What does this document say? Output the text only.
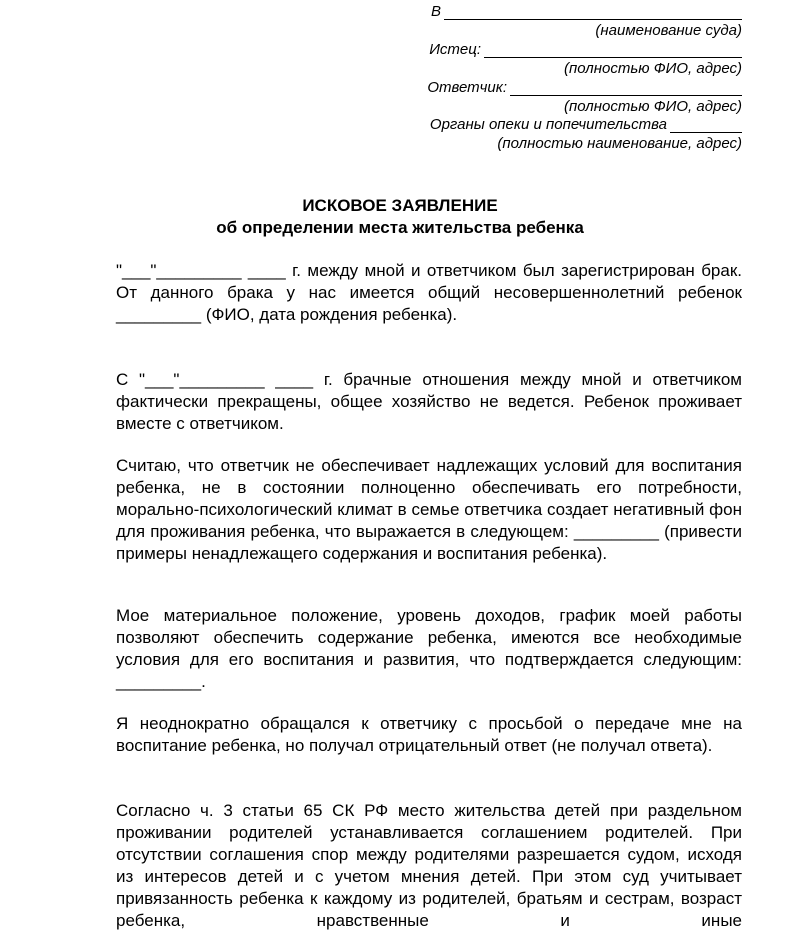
В
(наименование суда)
Истец:
(полностью ФИО, адрес)
Ответчик:
(полностью ФИО, адрес)
Органы опеки и попечительства
(полностью наименование, адрес)
ИСКОВОЕ ЗАЯВЛЕНИЕ
об определении места жительства ребенка
"___"_________ ____ г. между мной и ответчиком был зарегистрирован брак. От данного брака у нас имеется общий несовершеннолетний ребенок _________ (ФИО, дата рождения ребенка).
С "___"_________ ____ г. брачные отношения между мной и ответчиком фактически прекращены, общее хозяйство не ведется. Ребенок проживает вместе с ответчиком.
Считаю, что ответчик не обеспечивает надлежащих условий для воспитания ребенка, не в состоянии полноценно обеспечивать его потребности, морально-психологический климат в семье ответчика создает негативный фон для проживания ребенка, что выражается в следующем: _________ (привести примеры ненадлежащего содержания и воспитания ребенка).
Мое материальное положение, уровень доходов, график моей работы позволяют обеспечить содержание ребенка, имеются все необходимые условия для его воспитания и развития, что подтверждается следующим: _________.
Я неоднократно обращался к ответчику с просьбой о передаче мне на воспитание ребенка, но получал отрицательный ответ (не получал ответа).
Согласно ч. 3 статьи 65 СК РФ место жительства детей при раздельном проживании родителей устанавливается соглашением родителей. При отсутствии соглашения спор между родителями разрешается судом, исходя из интересов детей и с учетом мнения детей. При этом суд учитывает привязанность ребенка к каждому из родителей, братьям и сестрам, возраст ребенка, нравственные и иные
